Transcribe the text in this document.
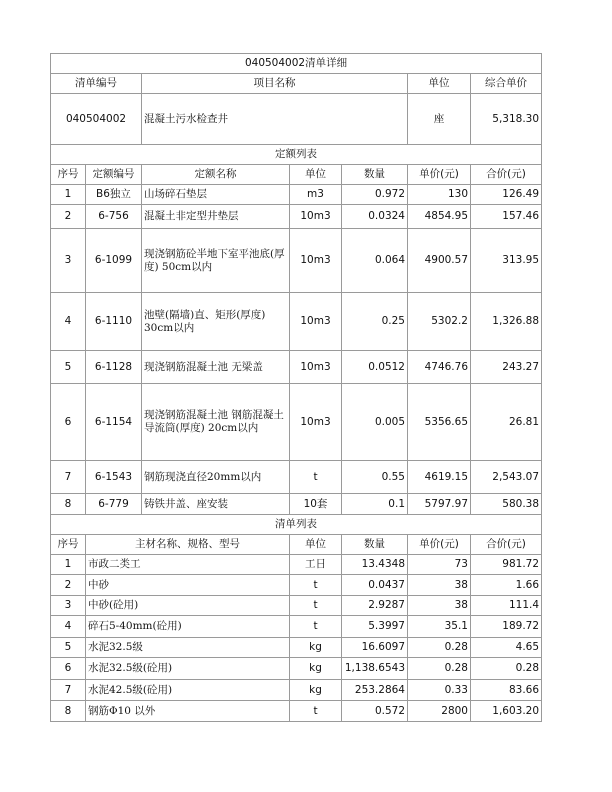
040504002清单详细						
清单编号		项目名称			单位	综合单价
040504002		混凝土污水检查井			座	5,318.30
定额列表						
序号	定额编号	定额名称	单位	数量	单价(元)	合价(元)
1	B6独立	山场碎石垫层	m3	0.972	130	126.49
2	6-756	混凝土非定型井垫层	10m3	0.0324	4854.95	157.46
3	6-1099	现浇钢筋砼半地下室平池底(厚度) 50cm以内	10m3	0.064	4900.57	313.95
4	6-1110	池壁(隔墙)直、矩形(厚度) 30cm以内	10m3	0.25	5302.2	1,326.88
5	6-1128	现浇钢筋混凝土池 无梁盖	10m3	0.0512	4746.76	243.27
6	6-1154	现浇钢筋混凝土池 钢筋混凝土导流筒(厚度) 20cm以内	10m3	0.005	5356.65	26.81
7	6-1543	钢筋现浇直径20mm以内	t	0.55	4619.15	2,543.07
8	6-779	铸铁井盖、座安装	10套	0.1	5797.97	580.38
清单列表						
序号	主材名称、规格、型号		单位	数量	单价(元)	合价(元)
1	市政二类工		工日	13.4348	73	981.72
2	中砂		t	0.0437	38	1.66
3	中砂(砼用)		t	2.9287	38	111.4
4	碎石5-40mm(砼用)		t	5.3997	35.1	189.72
5	水泥32.5级		kg	16.6097	0.28	4.65
6	水泥32.5级(砼用)		kg	1,138.6543	0.28	0.28
7	水泥42.5级(砼用)		kg	253.2864	0.33	83.66
8	钢筋Φ10 以外		t	0.572	2800	1,603.20
